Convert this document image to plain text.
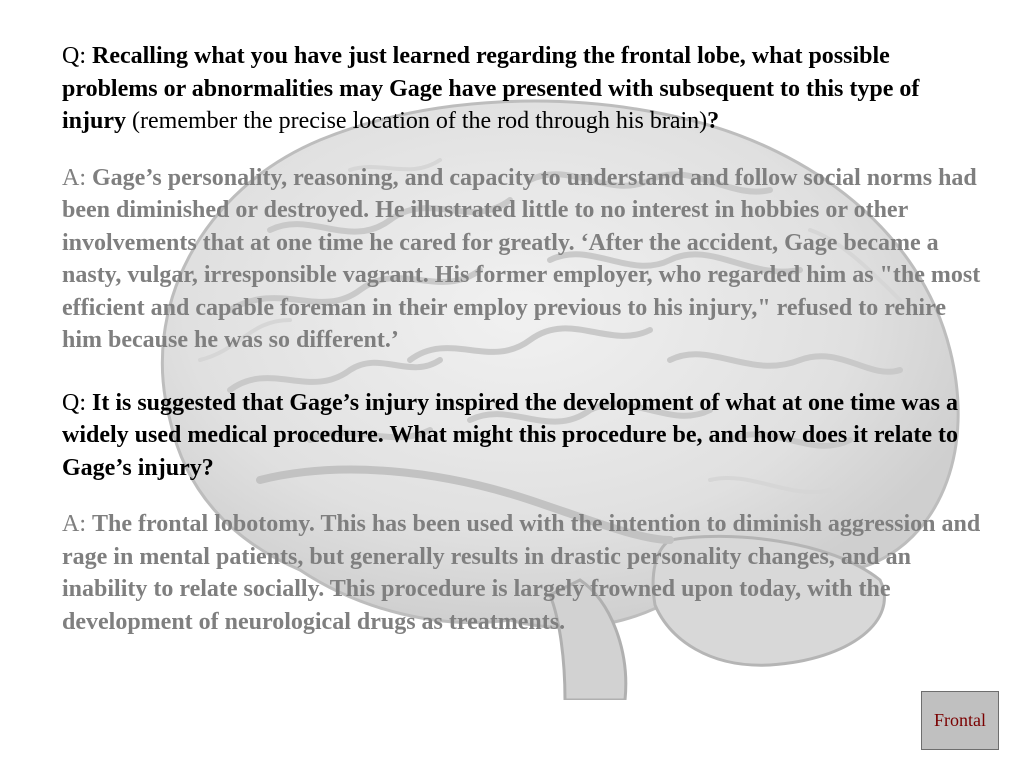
Q: Recalling what you have just learned regarding the frontal lobe, what possible problems or abnormalities may Gage have presented with subsequent to this type of injury (remember the precise location of the rod through his brain)?

A: Gage’s personality, reasoning, and capacity to understand and follow social norms had been diminished or destroyed. He illustrated little to no interest in hobbies or other involvements that at one time he cared for greatly. ‘After the accident, Gage became a nasty, vulgar, irresponsible vagrant. His former employer, who regarded him as "the most efficient and capable foreman in their employ previous to his injury," refused to rehire him because he was so different.’

Q: It is suggested that Gage’s injury inspired the development of what at one time was a widely used medical procedure. What might this procedure be, and how does it relate to Gage’s injury?

A: The frontal lobotomy. This has been used with the intention to diminish aggression and rage in mental patients, but generally results in drastic personality changes, and an inability to relate socially. This procedure is largely frowned upon today, with the development of neurological drugs as treatments.

Frontal
